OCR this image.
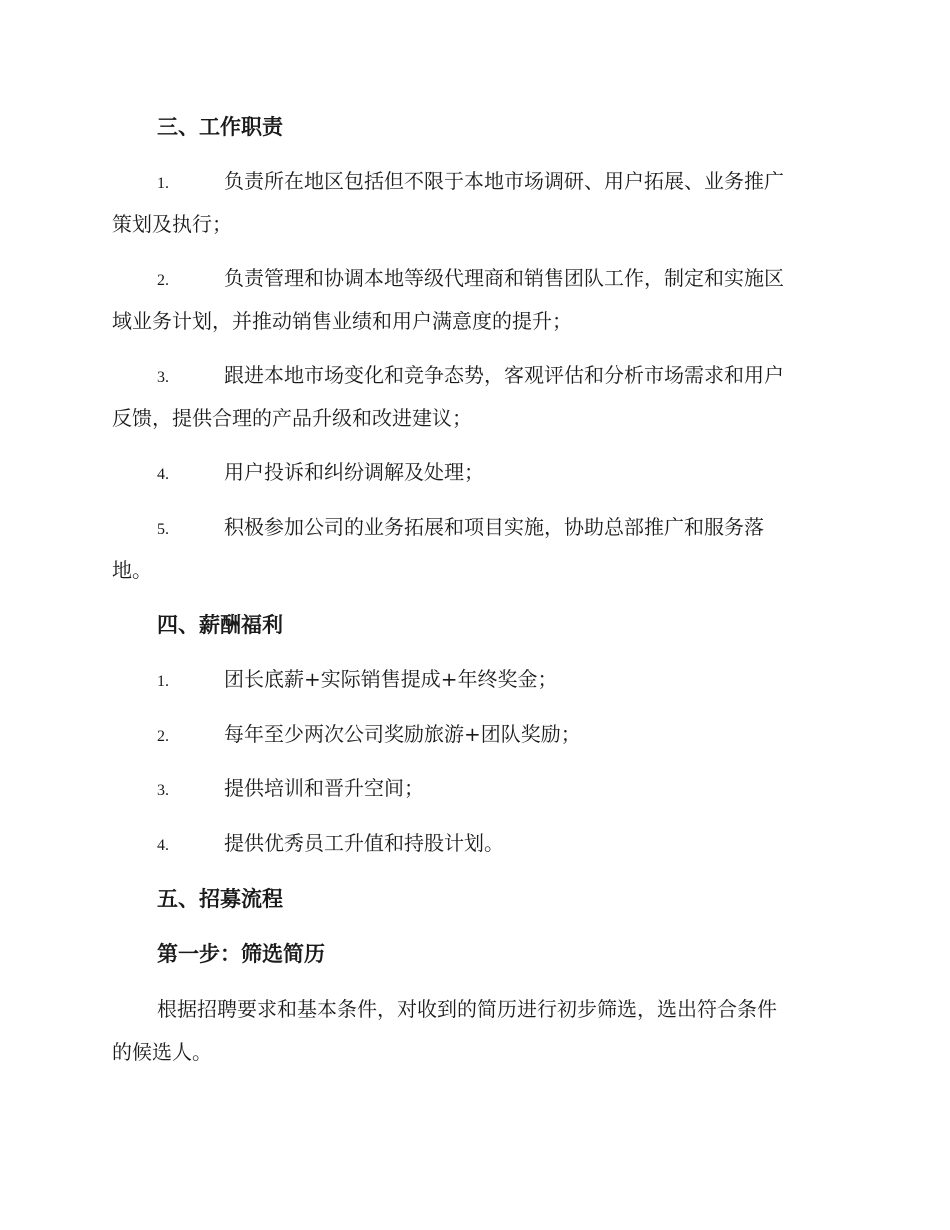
三、工作职责
1.	负责所在地区包括但不限于本地市场调研、用户拓展、业务推广
策划及执行；
2.	负责管理和协调本地等级代理商和销售团队工作，制定和实施区
域业务计划，并推动销售业绩和用户满意度的提升；
3.	跟进本地市场变化和竞争态势，客观评估和分析市场需求和用户
反馈，提供合理的产品升级和改进建议；
4.	用户投诉和纠纷调解及处理；
5.	积极参加公司的业务拓展和项目实施，协助总部推广和服务落
地。
四、薪酬福利
1.	团长底薪+实际销售提成+年终奖金；
2.	每年至少两次公司奖励旅游+团队奖励；
3.	提供培训和晋升空间；
4.	提供优秀员工升值和持股计划。
五、招募流程
第一步：筛选简历
根据招聘要求和基本条件，对收到的简历进行初步筛选，选出符合条件
的候选人。
